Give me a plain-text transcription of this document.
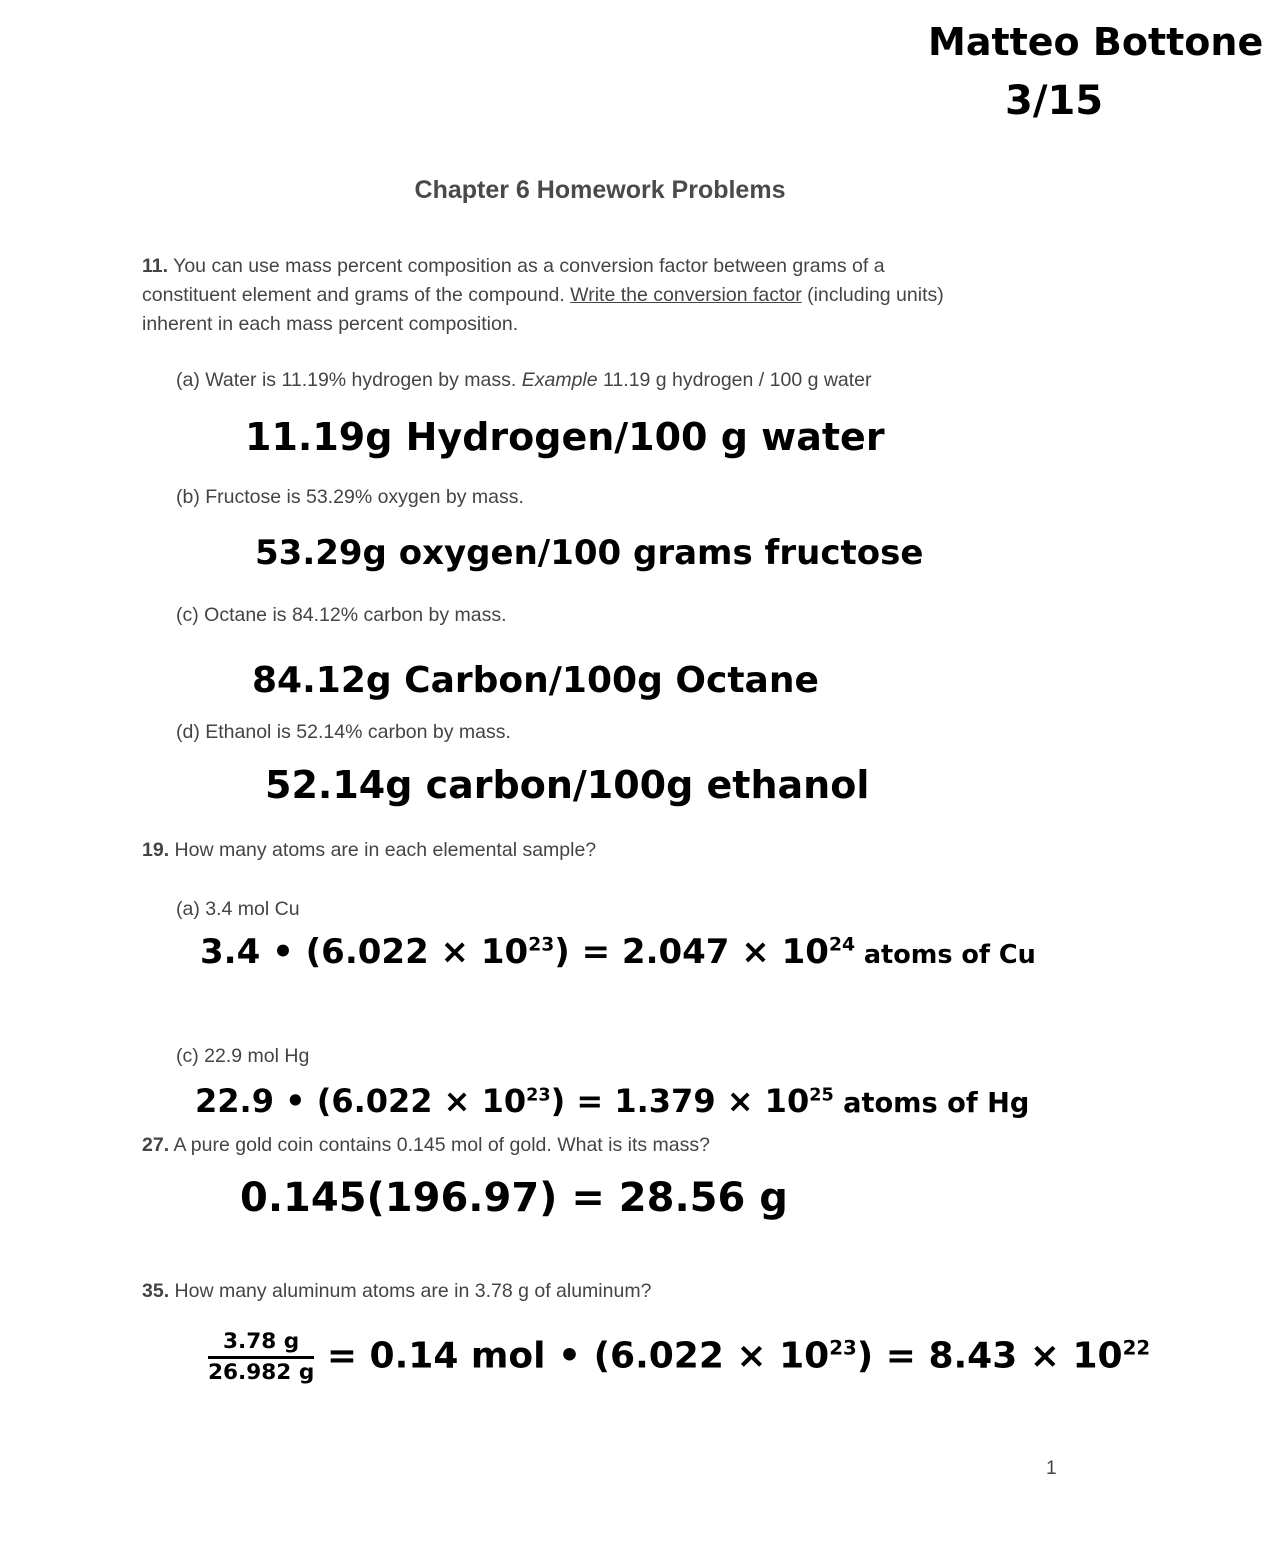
Matteo Bottone
3/15
Chapter 6 Homework Problems
11. You can use mass percent composition as a conversion factor between grams of a
constituent element and grams of the compound. Write the conversion factor (including units)
inherent in each mass percent composition.
(a) Water is 11.19% hydrogen by mass. Example 11.19 g hydrogen / 100 g water
11.19g Hydrogen/100 g water
(b) Fructose is 53.29% oxygen by mass.
53.29g oxygen/100 grams fructose
(c) Octane is 84.12% carbon by mass.
84.12g Carbon/100g Octane
(d) Ethanol is 52.14% carbon by mass.
52.14g carbon/100g ethanol
19. How many atoms are in each elemental sample?
(a) 3.4 mol Cu
3.4 • $(6.022 \times 10^{23}) = 2.047 \times 10^{24}$ atoms of Cu
(c) 22.9 mol Hg
22.9 • $(6.022 \times 10^{23}) = 1.379 \times 10^{25}$ atoms of Hg
27. A pure gold coin contains 0.145 mol of gold. What is its mass?
0.145(196.97) = 28.56 g
35. How many aluminum atoms are in 3.78 g of aluminum?
$\frac{3.78 g}{26.982 g} = 0.14$ mol • $(6.022 \times 10^{23}) = 8.43 \times 10^{22}$
1
